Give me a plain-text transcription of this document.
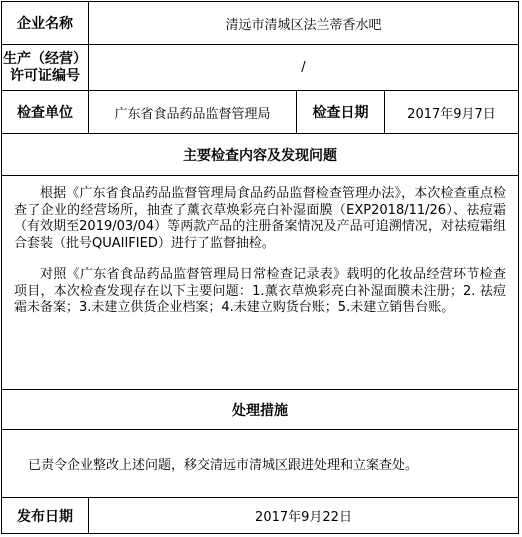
企业名称	清远市清城区法兰蒂香水吧
生产（经营）
许可证编号	/
检查单位	广东省食品药品监督管理局	检查日期	2017年9月7日
主要检查内容及发现问题

根据《广东省食品药品监督管理局食品药品监督检查管理办法》，本次检查重点检查了企业的经营场所，抽查了薰衣草焕彩亮白补湿面膜（EXP2018/11/26）、祛痘霜（有效期至2019/03/04）等两款产品的注册备案情况及产品可追溯情况，对祛痘霜组合套装（批号QUAIIFIED）进行了监督抽检。

对照《广东省食品药品监督管理局日常检查记录表》载明的化妆品经营环节检查项目，本次检查发现存在以下主要问题：1.薰衣草焕彩亮白补湿面膜未注册；2. 祛痘霜未备案；3.未建立供货企业档案；4.未建立购货台账；5.未建立销售台账。

处理措施
已责令企业整改上述问题，移交清远市清城区跟进处理和立案查处。
发布日期	2017年9月22日
